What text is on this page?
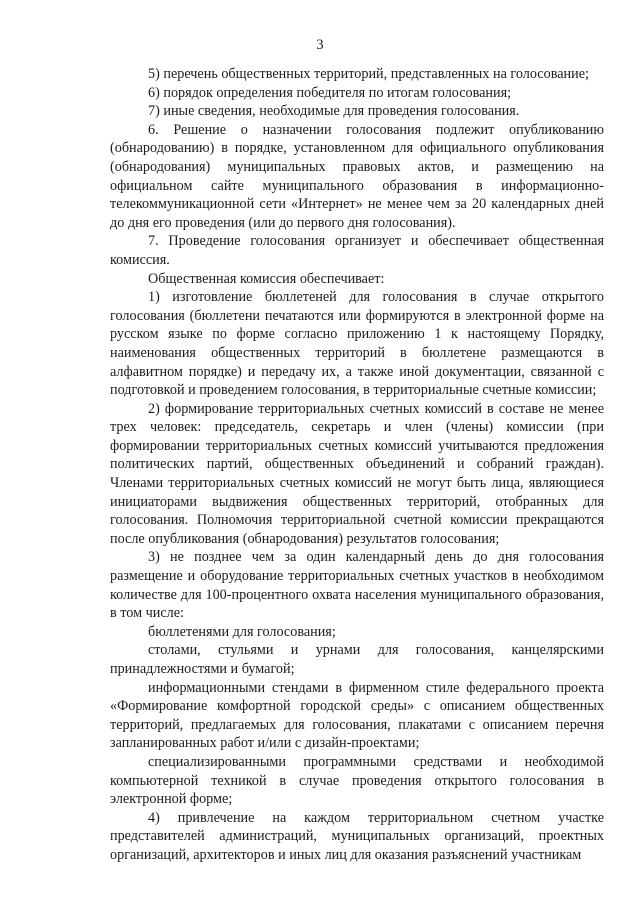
3

5) перечень общественных территорий, представленных на голосование;

6) порядок определения победителя по итогам голосования;

7) иные сведения, необходимые для проведения голосования.

6. Решение о назначении голосования подлежит опубликованию (обнародованию) в порядке, установленном для официального опубликования (обнародования) муниципальных правовых актов, и размещению на официальном сайте муниципального образования в информационно-телекоммуникационной сети «Интернет» не менее чем за 20 календарных дней до дня его проведения (или до первого дня голосования).

7. Проведение голосования организует и обеспечивает общественная комиссия.

Общественная комиссия обеспечивает:

1) изготовление бюллетеней для голосования в случае открытого голосования (бюллетени печатаются или формируются в электронной форме на русском языке по форме согласно приложению 1 к настоящему Порядку, наименования общественных территорий в бюллетене размещаются в алфавитном порядке) и передачу их, а также иной документации, связанной с подготовкой и проведением голосования, в территориальные счетные комиссии;

2) формирование территориальных счетных комиссий в составе не менее трех человек: председатель, секретарь и член (члены) комиссии (при формировании территориальных счетных комиссий учитываются предложения политических партий, общественных объединений и собраний граждан). Членами территориальных счетных комиссий не могут быть лица, являющиеся инициаторами выдвижения общественных территорий, отобранных для голосования. Полномочия территориальной счетной комиссии прекращаются после опубликования (обнародования) результатов голосования;

3) не позднее чем за один календарный день до дня голосования размещение и оборудование территориальных счетных участков в необходимом количестве для 100-процентного охвата населения муниципального образования, в том числе:

бюллетенями для голосования;

столами, стульями и урнами для голосования, канцелярскими принадлежностями и бумагой;

информационными стендами в фирменном стиле федерального проекта «Формирование комфортной городской среды» с описанием общественных территорий, предлагаемых для голосования, плакатами с описанием перечня запланированных работ и/или с дизайн-проектами;

специализированными программными средствами и необходимой компьютерной техникой в случае проведения открытого голосования в электронной форме;

4) привлечение на каждом территориальном счетном участке представителей администраций, муниципальных организаций, проектных организаций, архитекторов и иных лиц для оказания разъяснений участникам
